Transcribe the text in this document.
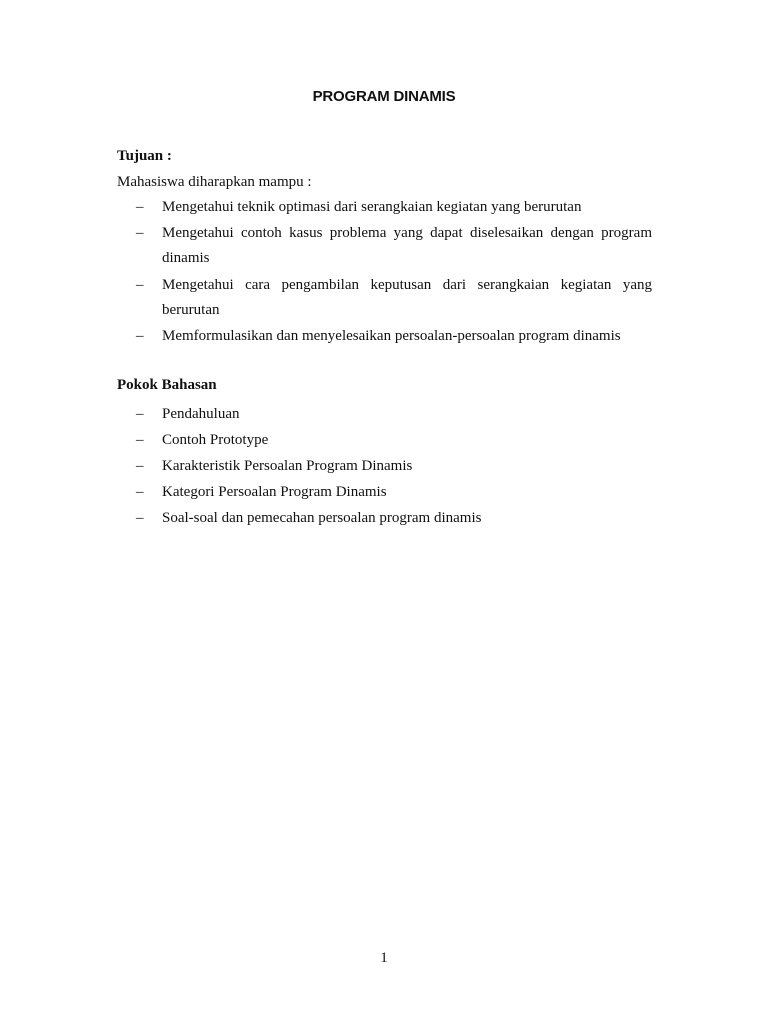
PROGRAM DINAMIS
Tujuan :
Mahasiswa diharapkan mampu :
– Mengetahui teknik optimasi dari serangkaian kegiatan yang berurutan
– Mengetahui contoh kasus problema yang dapat diselesaikan dengan program dinamis
– Mengetahui cara pengambilan keputusan dari serangkaian kegiatan yang berurutan
– Memformulasikan dan menyelesaikan persoalan-persoalan program dinamis
Pokok Bahasan
– Pendahuluan
– Contoh Prototype
– Karakteristik Persoalan Program Dinamis
– Kategori Persoalan Program Dinamis
– Soal-soal dan pemecahan persoalan program dinamis
1
